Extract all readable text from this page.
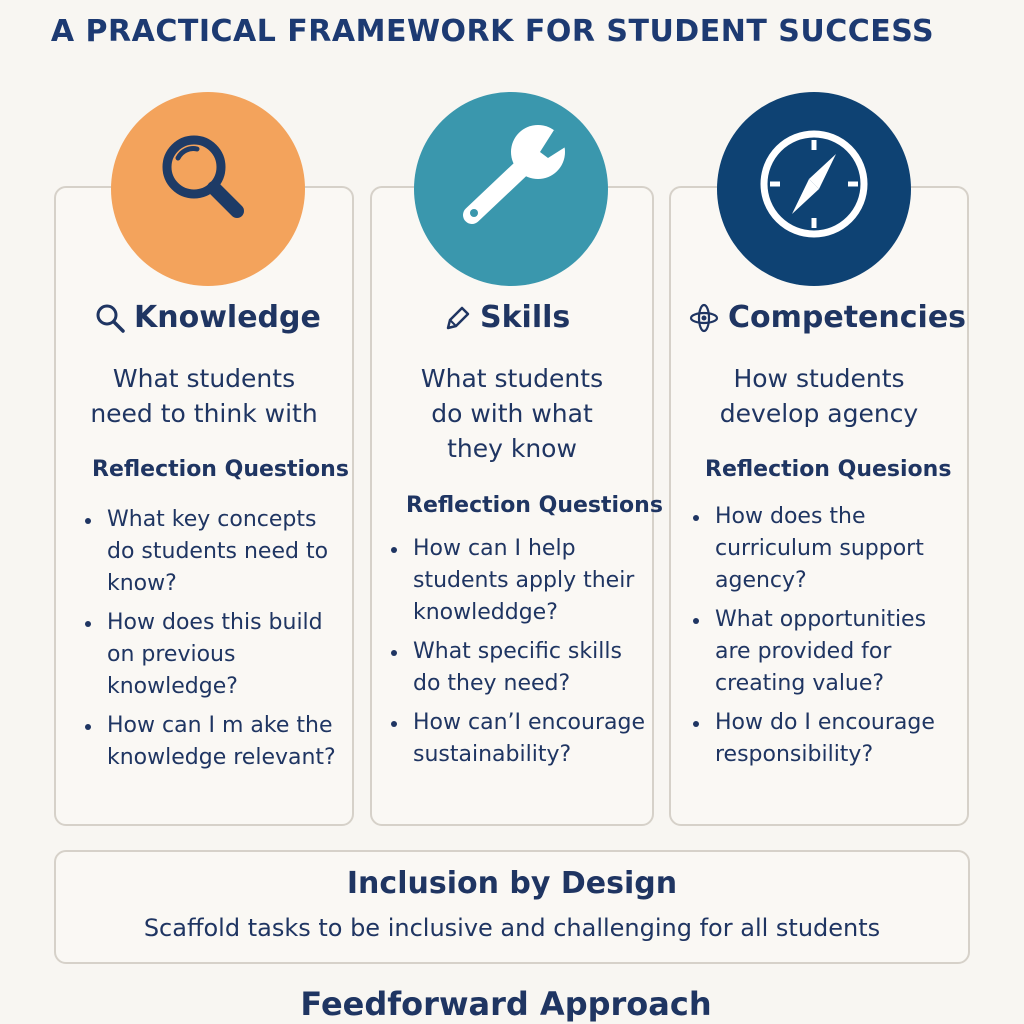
A PRACTICAL FRAMEWORK FOR STUDENT SUCCESS
Knowledge	Skills	Competencies
What students
need to think with
What students
do with what
they know
How students
develop agency
Reflection Questions
Reflection Questions
Reflection Quesions
What key concepts do students need to know?
How does this build on previous knowledge?
How can I m ake the knowledge relevant?
How can I help students apply their knowleddge?
What specific skills do they need?
How can’I encourage sustainability?
How does the curriculum support agency?
What opportunities are provided for creating value?
How do I encourage responsibility?
Inclusion by Design
Scaffold tasks to be inclusive and challenging for all students
Feedforward Approach
